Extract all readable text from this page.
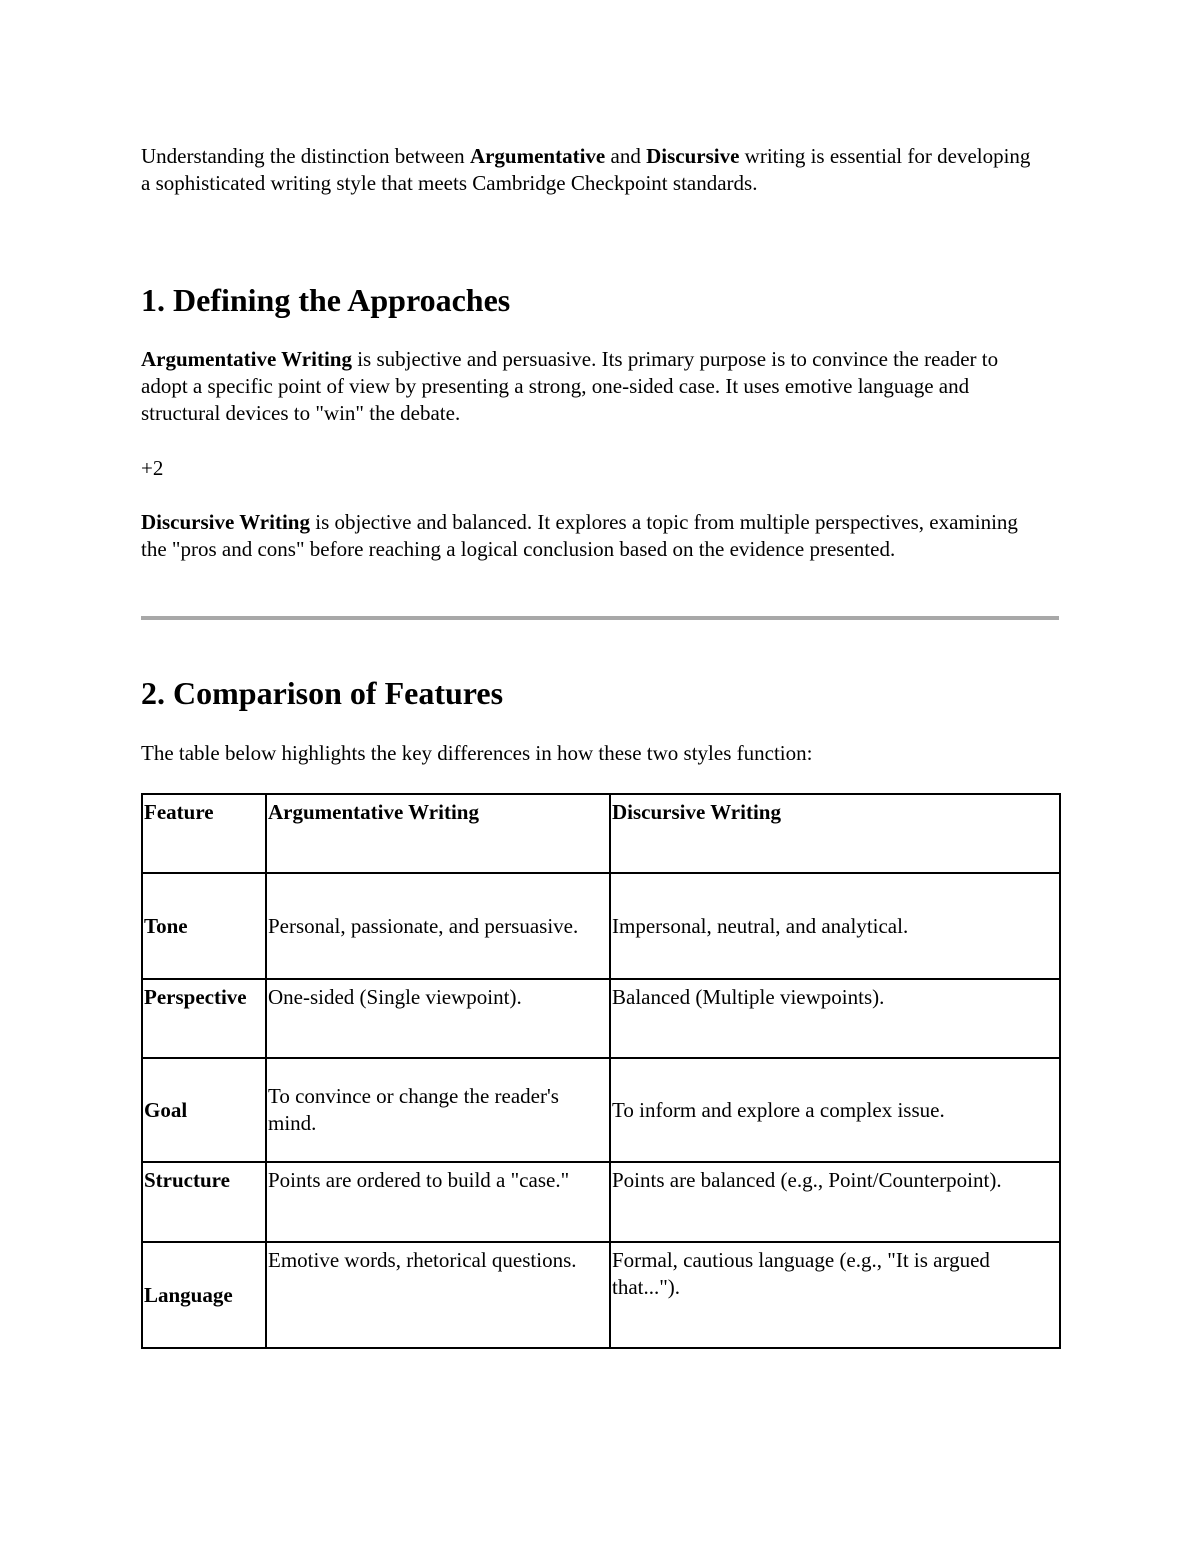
Understanding the distinction between Argumentative and Discursive writing is essential for developing a sophisticated writing style that meets Cambridge Checkpoint standards.

1. Defining the Approaches

Argumentative Writing is subjective and persuasive. Its primary purpose is to convince the reader to adopt a specific point of view by presenting a strong, one-sided case. It uses emotive language and structural devices to "win" the debate.

+2

Discursive Writing is objective and balanced. It explores a topic from multiple perspectives, examining the "pros and cons" before reaching a logical conclusion based on the evidence presented.

2. Comparison of Features

The table below highlights the key differences in how these two styles function:

Feature	Argumentative Writing	Discursive Writing
Tone	Personal, passionate, and persuasive.	Impersonal, neutral, and analytical.
Perspective	One-sided (Single viewpoint).	Balanced (Multiple viewpoints).
Goal	To convince or change the reader's mind.	To inform and explore a complex issue.
Structure	Points are ordered to build a "case."	Points are balanced (e.g., Point/Counterpoint).
Language	Emotive words, rhetorical questions.	Formal, cautious language (e.g., "It is argued that...").
